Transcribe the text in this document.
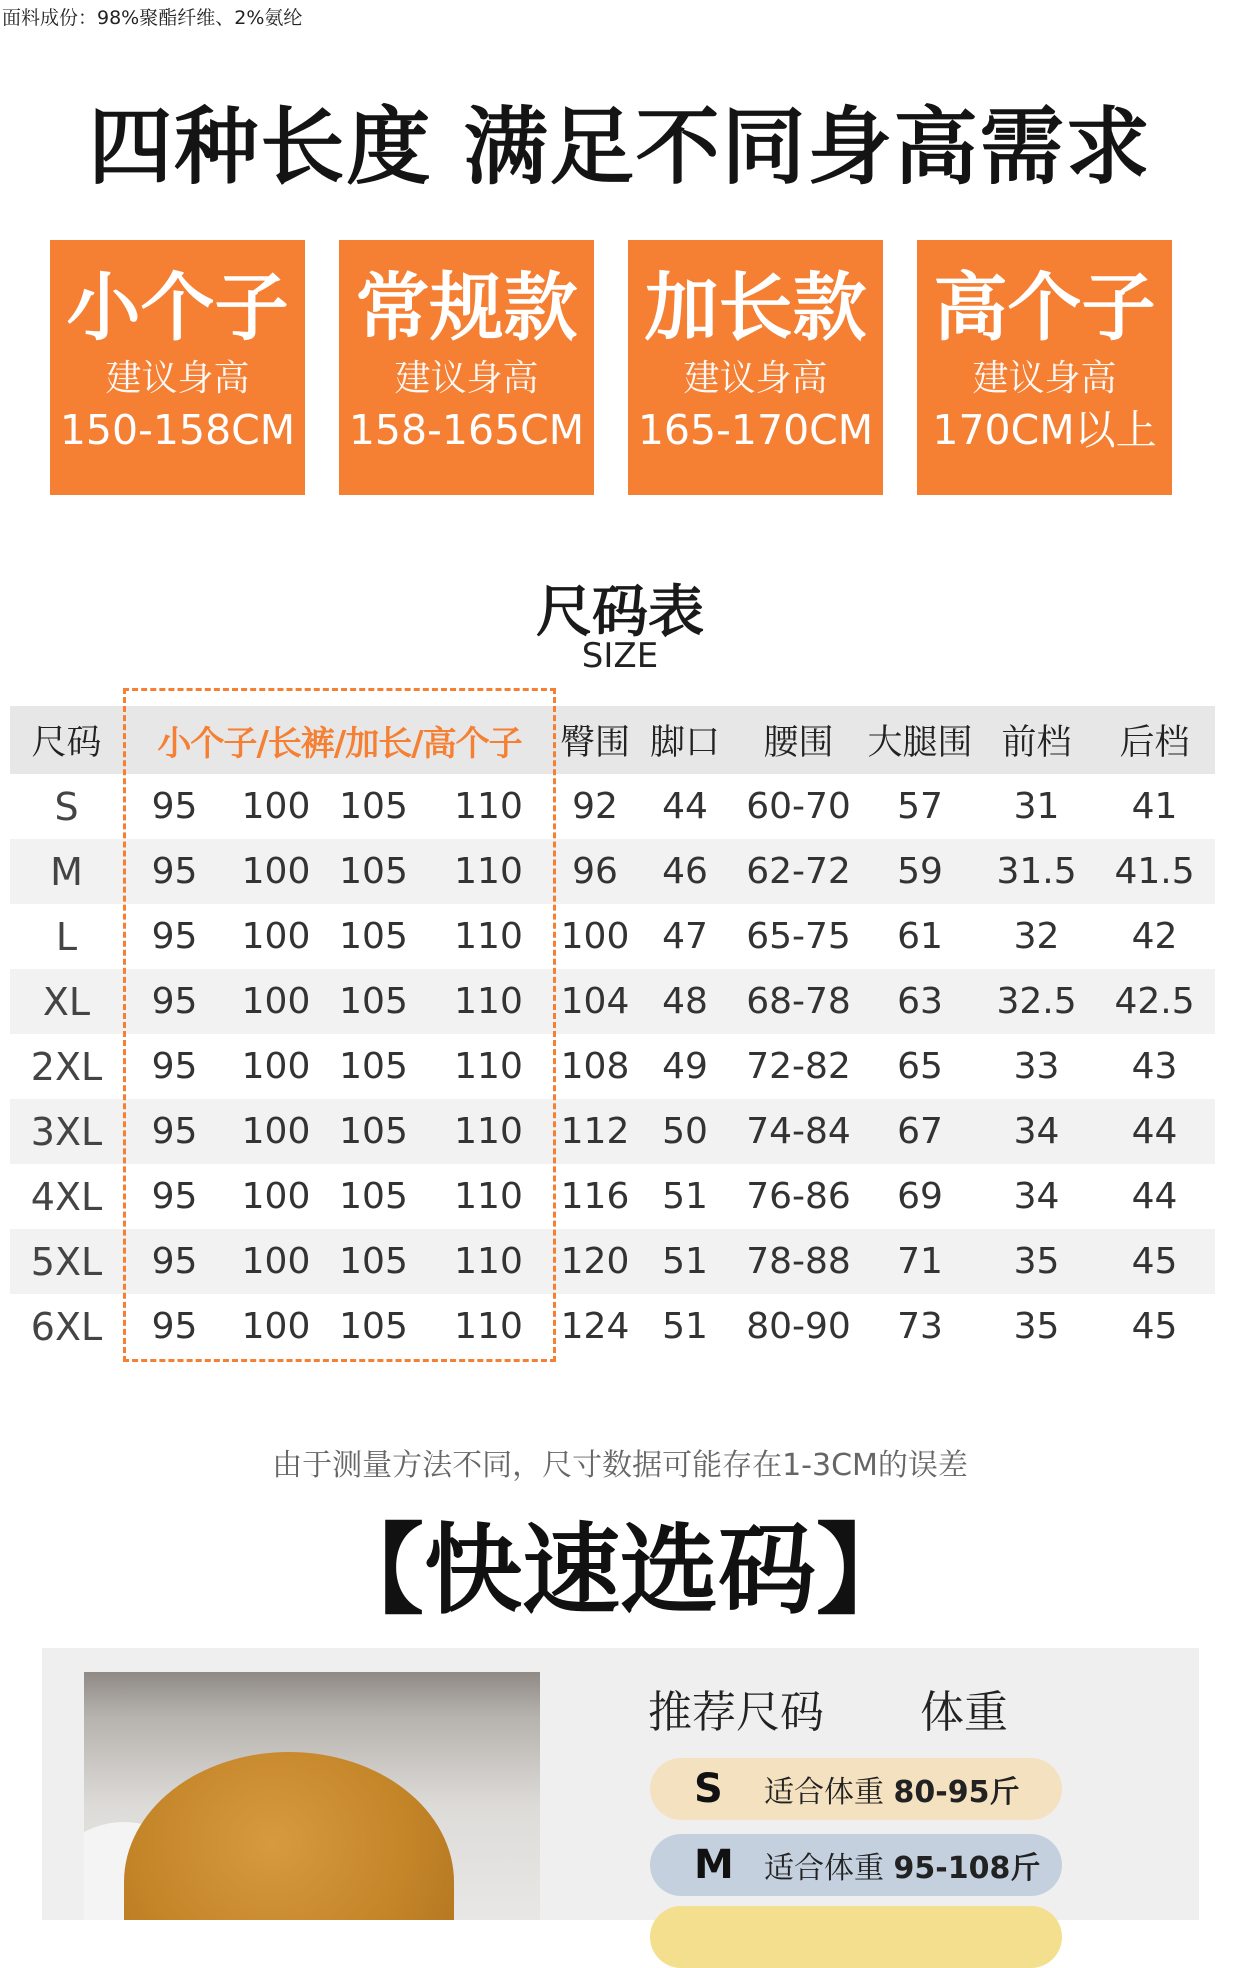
面料成份：98%聚酯纤维、2%氨纶
四种长度 满足不同身高需求
小个子
建议身高
150-158CM
常规款
建议身高
158-165CM
加长款
建议身高
165-170CM
高个子
建议身高
170CM以上
尺码表
SIZE
尺码	小个子/长裤/加长/高个子				臀围	脚口	腰围	大腿围	前档	后档
S	95	100	105	110	92	44	60-70	57	31	41
M	95	100	105	110	96	46	62-72	59	31.5	41.5
L	95	100	105	110	100	47	65-75	61	32	42
XL	95	100	105	110	104	48	68-78	63	32.5	42.5
2XL	95	100	105	110	108	49	72-82	65	33	43
3XL	95	100	105	110	112	50	74-84	67	34	44
4XL	95	100	105	110	116	51	76-86	69	34	44
5XL	95	100	105	110	120	51	78-88	71	35	45
6XL	95	100	105	110	124	51	80-90	73	35	45
由于测量方法不同，尺寸数据可能存在1-3CM的误差
【快速选码】
推荐尺码 体重
S	适合体重 80-95斤
M	适合体重 95-108斤
